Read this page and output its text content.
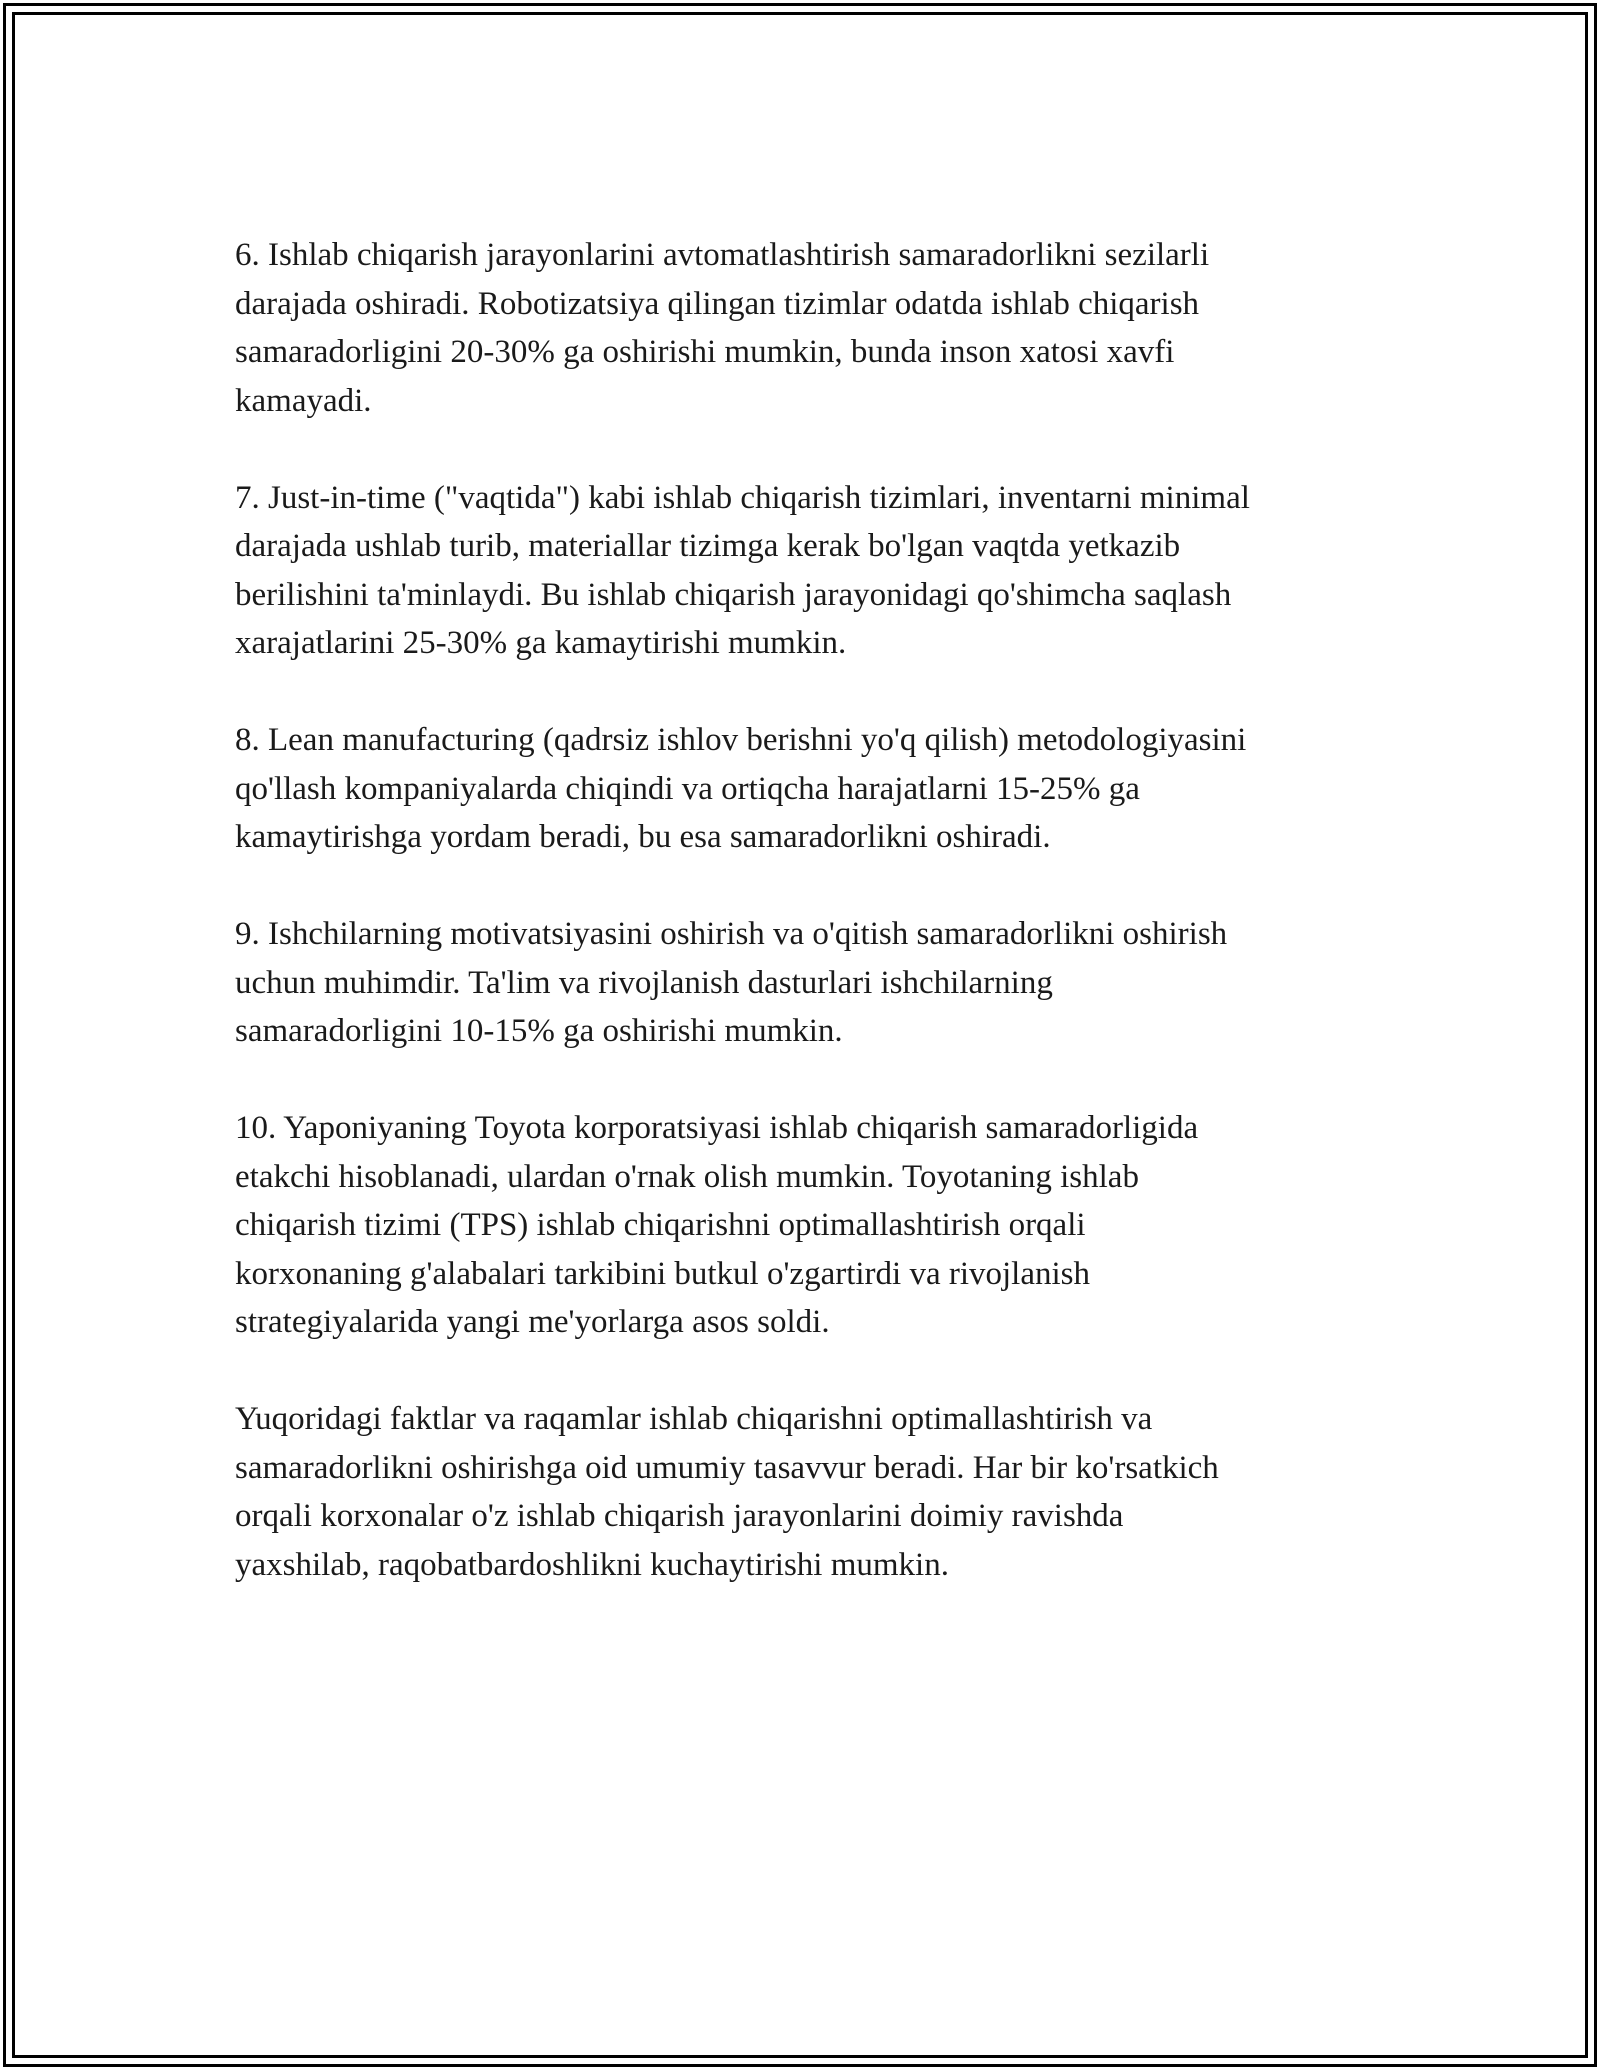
6. Ishlab chiqarish jarayonlarini avtomatlashtirish samaradorlikni sezilarli
darajada oshiradi. Robotizatsiya qilingan tizimlar odatda ishlab chiqarish
samaradorligini 20-30% ga oshirishi mumkin, bunda inson xatosi xavfi
kamayadi.

7. Just-in-time ("vaqtida") kabi ishlab chiqarish tizimlari, inventarni minimal
darajada ushlab turib, materiallar tizimga kerak bo'lgan vaqtda yetkazib
berilishini ta'minlaydi. Bu ishlab chiqarish jarayonidagi qo'shimcha saqlash
xarajatlarini 25-30% ga kamaytirishi mumkin.

8. Lean manufacturing (qadrsiz ishlov berishni yo'q qilish) metodologiyasini
qo'llash kompaniyalarda chiqindi va ortiqcha harajatlarni 15-25% ga
kamaytirishga yordam beradi, bu esa samaradorlikni oshiradi.

9. Ishchilarning motivatsiyasini oshirish va o'qitish samaradorlikni oshirish
uchun muhimdir. Ta'lim va rivojlanish dasturlari ishchilarning
samaradorligini 10-15% ga oshirishi mumkin.

10. Yaponiyaning Toyota korporatsiyasi ishlab chiqarish samaradorligida
etakchi hisoblanadi, ulardan o'rnak olish mumkin. Toyotaning ishlab
chiqarish tizimi (TPS) ishlab chiqarishni optimallashtirish orqali
korxonaning g'alabalari tarkibini butkul o'zgartirdi va rivojlanish
strategiyalarida yangi me'yorlarga asos soldi.

Yuqoridagi faktlar va raqamlar ishlab chiqarishni optimallashtirish va
samaradorlikni oshirishga oid umumiy tasavvur beradi. Har bir ko'rsatkich
orqali korxonalar o'z ishlab chiqarish jarayonlarini doimiy ravishda
yaxshilab, raqobatbardoshlikni kuchaytirishi mumkin.
